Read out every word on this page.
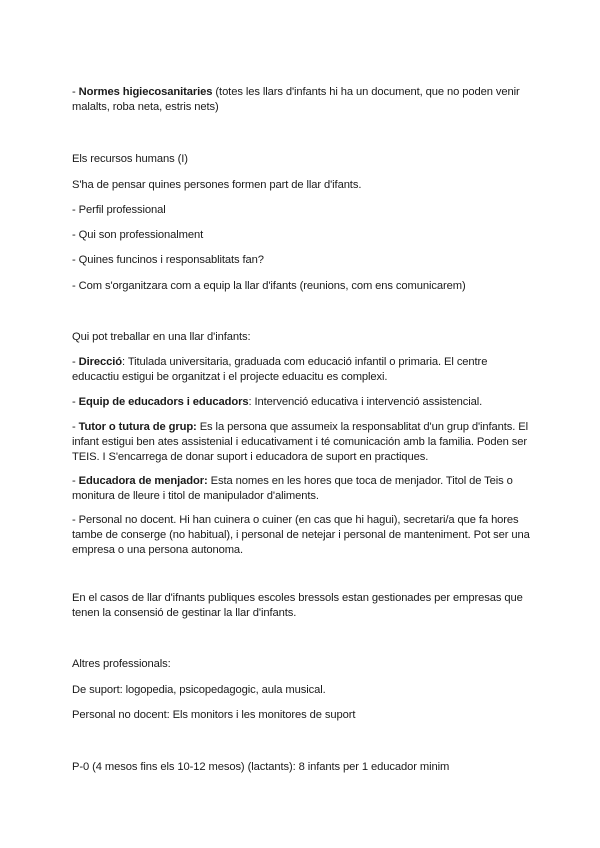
- Normes higiecosanitaries (totes les llars d'infants hi ha un document, que no poden venir malalts, roba neta, estris nets)

Els recursos humans (I)

S'ha de pensar quines persones formen part de llar d'ifants.

- Perfil professional

- Qui son professionalment

- Quines funcinos i responsablitats fan?

- Com s'organitzara com a equip la llar d'ifants (reunions, com ens comunicarem)

Qui pot treballar en una llar d'infants:

- Direcció: Titulada universitaria, graduada com educació infantil o primaria. El centre educactiu estigui be organitzat i el projecte eduacitu es complexi.

- Equip de educadors i educadors: Intervenció educativa i intervenció assistencial.

- Tutor o tutura de grup: Es la persona que assumeix la responsablitat d'un grup d'infants. El infant estigui ben ates assistenial i educativament i té comunicación amb la familia. Poden ser TEIS. I S'encarrega de donar suport i educadora de suport en practiques.

- Educadora de menjador: Esta nomes en les hores que toca de menjador. Titol de Teis o monitura de lleure i titol de manipulador d'aliments.

- Personal no docent. Hi han cuinera o cuiner (en cas que hi hagui), secretari/a que fa hores tambe de conserge (no habitual), i personal de netejar i personal de manteniment. Pot ser una empresa o una persona autonoma.

En el casos de llar d'ifnants publiques escoles bressols estan gestionades per empresas que tenen la consensió de gestinar la llar d'infants.

Altres professionals:

De suport: logopedia, psicopedagogic, aula musical.

Personal no docent: Els monitors i les monitores de suport

P-0 (4 mesos fins els 10-12 mesos) (lactants): 8 infants per 1 educador minim
